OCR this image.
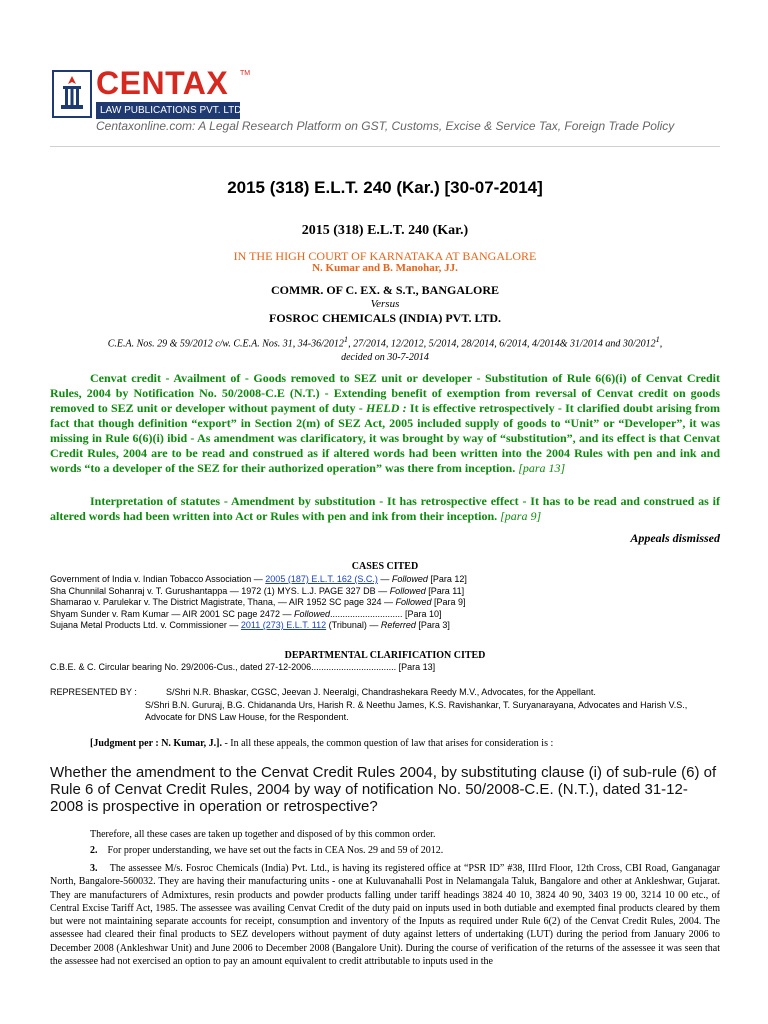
CENTAX TM
LAW PUBLICATIONS PVT. LTD.
Centaxonline.com: A Legal Research Platform on GST, Customs, Excise & Service Tax, Foreign Trade Policy
2015 (318) E.L.T. 240 (Kar.) [30-07-2014]
2015 (318) E.L.T. 240 (Kar.)
IN THE HIGH COURT OF KARNATAKA AT BANGALORE
N. Kumar and B. Manohar, JJ.
COMMR. OF C. EX. & S.T., BANGALORE
Versus
FOSROC CHEMICALS (INDIA) PVT. LTD.
C.E.A. Nos. 29 & 59/2012 c/w. C.E.A. Nos. 31, 34-36/2012$^1$, 27/2014, 12/2012, 5/2014, 28/2014, 6/2014, 4/2014& 31/2014 and 30/2012$^1$,
decided on 30-7-2014
Cenvat credit - Availment of - Goods removed to SEZ unit or developer - Substitution of Rule 6(6)(i) of Cenvat Credit Rules, 2004 by Notification No. 50/2008-C.E (N.T.) - Extending benefit of exemption from reversal of Cenvat credit on goods removed to SEZ unit or developer without payment of duty - HELD : It is effective retrospectively - It clarified doubt arising from fact that though definition “export” in Section 2(m) of SEZ Act, 2005 included supply of goods to “Unit” or “Developer”, it was missing in Rule 6(6)(i) ibid - As amendment was clarificatory, it was brought by way of “substitution”, and its effect is that Cenvat Credit Rules, 2004 are to be read and construed as if altered words had been written into the 2004 Rules with pen and ink and words “to a developer of the SEZ for their authorized operation” was there from inception. [para 13]
Interpretation of statutes - Amendment by substitution - It has retrospective effect - It has to be read and construed as if altered words had been written into Act or Rules with pen and ink from their inception. [para 9]
Appeals dismissed
CASES CITED
Government of India v. Indian Tobacco Association — 2005 (187) E.L.T. 162 (S.C.) — Followed [Para 12]
Sha Chunnilal Sohanraj v. T. Gurushantappa — 1972 (1) MYS. L.J. PAGE 327 DB — Followed [Para 11]
Shamarao v. Parulekar v. The District Magistrate, Thana, — AIR 1952 SC page 324 — Followed [Para 9]
Shyam Sunder v. Ram Kumar — AIR 2001 SC page 2472 — Followed............................. [Para 10]
Sujana Metal Products Ltd. v. Commissioner — 2011 (273) E.L.T. 112 (Tribunal) — Referred [Para 3]
DEPARTMENTAL CLARIFICATION CITED
C.B.E. & C. Circular bearing No. 29/2006-Cus., dated 27-12-2006.................................. [Para 13]
REPRESENTED BY :	S/Shri N.R. Bhaskar, CGSC, Jeevan J. Neeralgi, Chandrashekara Reedy M.V., Advocates, for the Appellant.
S/Shri B.N. Gururaj, B.G. Chidananda Urs, Harish R. & Neethu James, K.S. Ravishankar, T. Suryanarayana, Advocates and Harish V.S., Advocate for DNS Law House, for the Respondent.
[Judgment per : N. Kumar, J.]. - In all these appeals, the common question of law that arises for consideration is :
Whether the amendment to the Cenvat Credit Rules 2004, by substituting clause (i) of sub-rule (6) of Rule 6 of Cenvat Credit Rules, 2004 by way of notification No. 50/2008-C.E. (N.T.), dated 31-12-2008 is prospective in operation or retrospective?
Therefore, all these cases are taken up together and disposed of by this common order.
2. For proper understanding, we have set out the facts in CEA Nos. 29 and 59 of 2012.
3. The assessee M/s. Fosroc Chemicals (India) Pvt. Ltd., is having its registered office at “PSR ID” #38, IIIrd Floor, 12th Cross, CBI Road, Ganganagar North, Bangalore-560032. They are having their manufacturing units - one at Kuluvanahalli Post in Nelamangala Taluk, Bangalore and other at Ankleshwar, Gujarat. They are manufacturers of Admixtures, resin products and powder products falling under tariff headings 3824 40 10, 3824 40 90, 3403 19 00, 3214 10 00 etc., of Central Excise Tariff Act, 1985. The assessee was availing Cenvat Credit of the duty paid on inputs used in both dutiable and exempted final products cleared by them but were not maintaining separate accounts for receipt, consumption and inventory of the Inputs as required under Rule 6(2) of the Cenvat Credit Rules, 2004. The assessee had cleared their final products to SEZ developers without payment of duty against letters of undertaking (LUT) during the period from January 2006 to December 2008 (Ankleshwar Unit) and June 2006 to December 2008 (Bangalore Unit). During the course of verification of the returns of the assessee it was seen that the assessee had not exercised an option to pay an amount equivalent to credit attributable to inputs used in the
